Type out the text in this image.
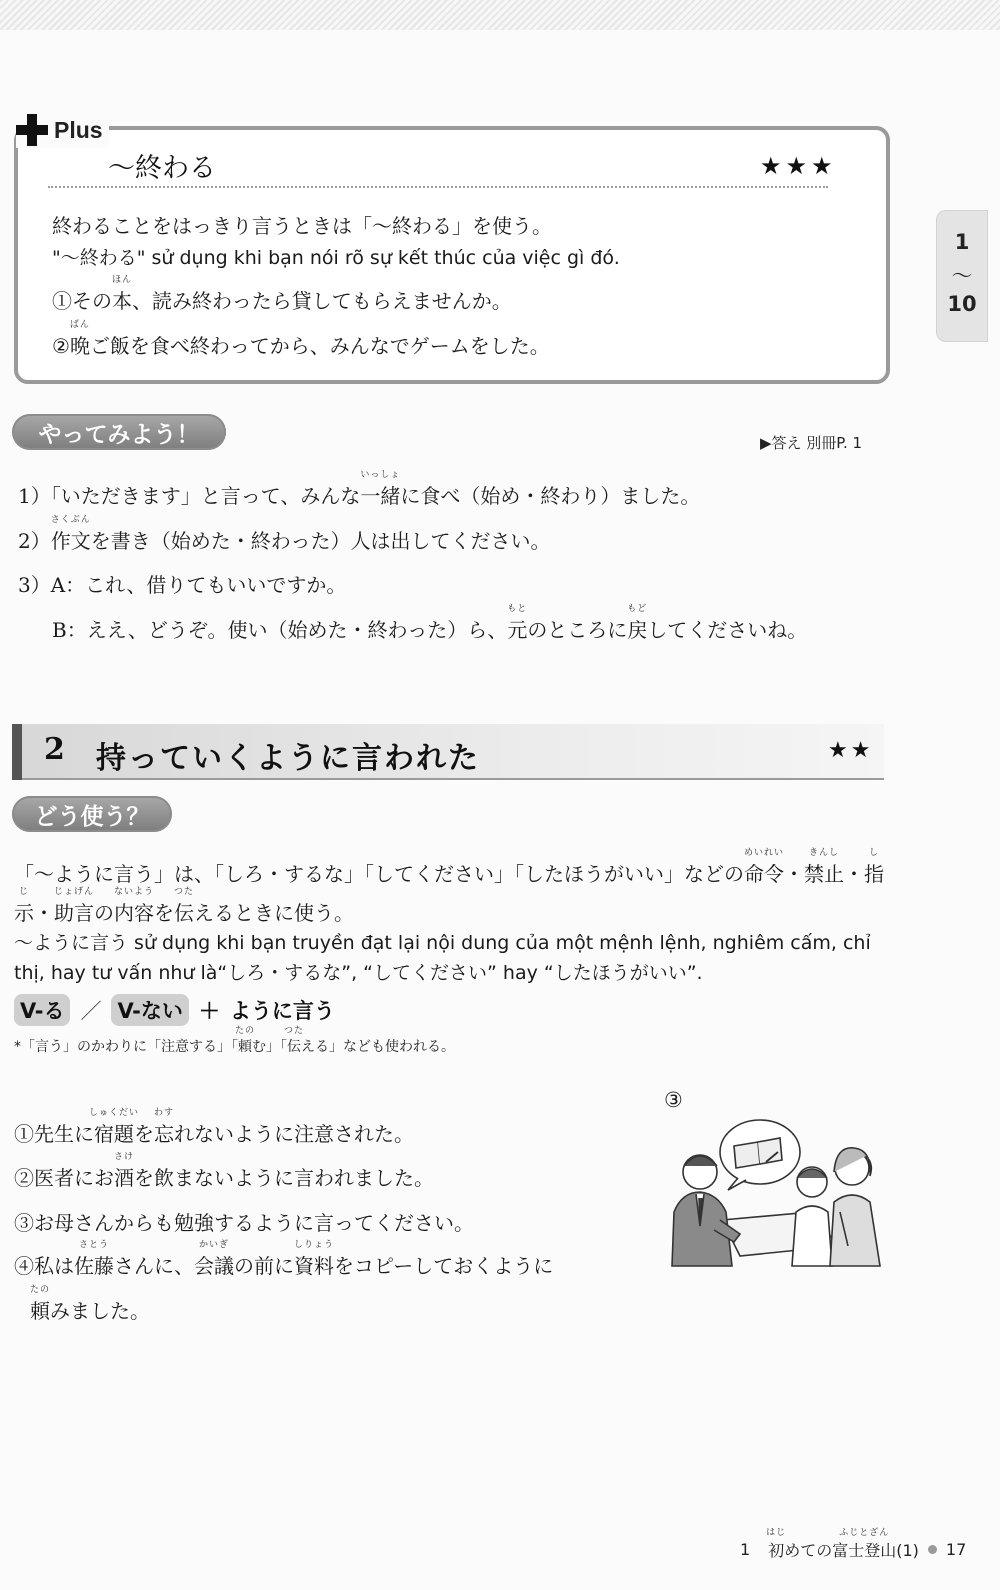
1
〜
10
Plus
〜終わる	★★★
終わることをはっきり言うときは「〜終わる」を使う。
"〜終わる" sử dụng khi bạn nói rõ sự kết thúc của việc gì đó.
①その本
ほん
、読み終わったら貸してもらえませんか。
②晩
ばん
ご飯を食べ終わってから、みんなでゲームをした。
やってみよう！	▶答え 別冊P. 1
1）「いただきます」と言って、みんな一緒
いっしょ
に食べ（始め・終わり）ました。
2）作文
さくぶん
を書き（始めた・終わった）人は出してください。
3）A：これ、借りてもいいですか。
B：ええ、どうぞ。使い（始めた・終わった）ら、元
もと
のところに戻
もど
してくださいね。
2 持っていくように言われた	★★
どう使う？
「〜ように言う」は、「しろ・するな」「してください」「したほうがいい」などの命令
めいれい
・禁止
きんし
・指
し
示
じ
・助言
じょげん
の内容
ないよう
を伝
つた
えるときに使う。
〜ように言う sử dụng khi bạn truyền đạt lại nội dung của một mệnh lệnh, nghiêm cấm, chỉ
thị, hay tư vấn như là“しろ・するな”, “してください” hay “したほうがいい”.
V-る ／ V-ない ＋ ように言う
*「言う」のかわりに「注意する」「頼
たの
む」「伝
つた
える」なども使われる。
③
①先生に宿題
しゅくだい
を忘
わす
れないように注意された。
②医者にお酒
さけ
を飲まないように言われました。
③お母さんからも勉強するように言ってください。
④私は佐藤
さとう
さんに、会議
かいぎ
の前に資料
しりょう
をコピーしておくように
頼
たの
みました。
1 初
はじ
めての富士登山
ふじとざん
(1) 17
